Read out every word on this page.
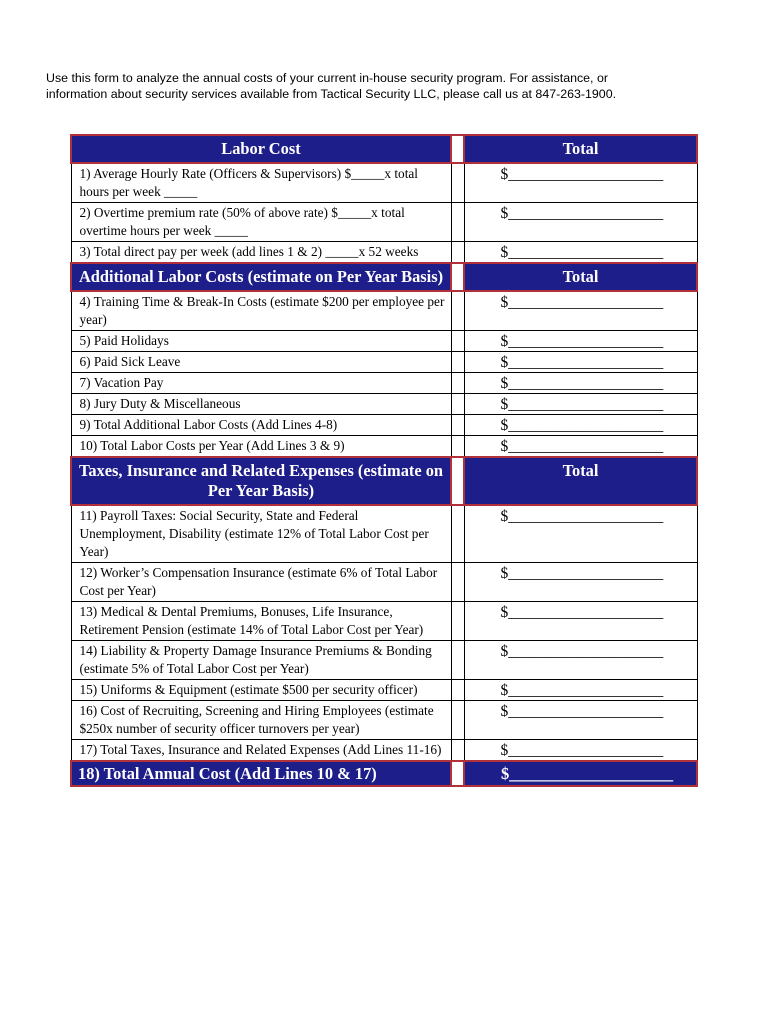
Use this form to analyze the annual costs of your current in-house security program. For assistance, or
information about security services available from Tactical Security LLC, please call us at 847-263-1900.
Labor Cost		Total
1) Average Hourly Rate (Officers & Supervisors) $_____x total hours per week _____		$____________________
2) Overtime premium rate (50% of above rate) $_____x total overtime hours per week _____		$____________________
3) Total direct pay per week (add lines 1 & 2) _____x 52 weeks		$____________________
Additional Labor Costs (estimate on Per Year Basis)		Total
4) Training Time & Break-In Costs (estimate $200 per employee per year)		$____________________
5) Paid Holidays		$____________________
6) Paid Sick Leave		$____________________
7) Vacation Pay		$____________________
8) Jury Duty & Miscellaneous		$____________________
9) Total Additional Labor Costs (Add Lines 4-8)		$____________________
10) Total Labor Costs per Year (Add Lines 3 & 9)		$____________________
Taxes, Insurance and Related Expenses (estimate on Per Year Basis)		Total
11) Payroll Taxes: Social Security, State and Federal Unemployment, Disability (estimate 12% of Total Labor Cost per Year)		$____________________
12) Worker’s Compensation Insurance (estimate 6% of Total Labor Cost per Year)		$____________________
13) Medical & Dental Premiums, Bonuses, Life Insurance, Retirement Pension (estimate 14% of Total Labor Cost per Year)		$____________________
14) Liability & Property Damage Insurance Premiums & Bonding (estimate 5% of Total Labor Cost per Year)		$____________________
15) Uniforms & Equipment (estimate $500 per security officer)		$____________________
16) Cost of Recruiting, Screening and Hiring Employees (estimate $250x number of security officer turnovers per year)		$____________________
17) Total Taxes, Insurance and Related Expenses (Add Lines 11-16)		$____________________
18) Total Annual Cost (Add Lines 10 & 17)		$____________________
